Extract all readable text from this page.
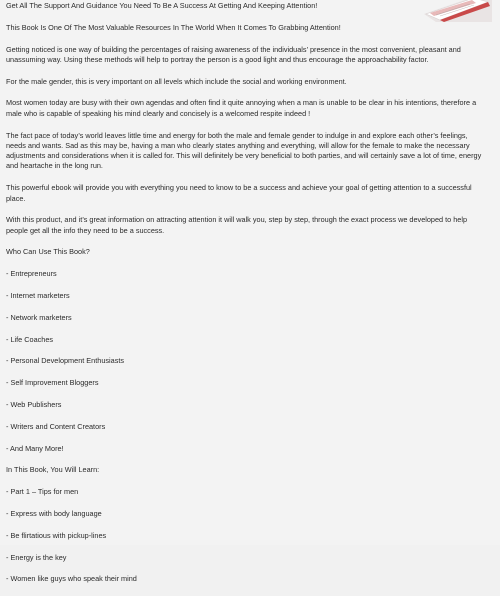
Get All The Support And Guidance You Need To Be A Success At Getting And Keeping Attention!

This Book Is One Of The Most Valuable Resources In The World When It Comes To Grabbing Attention!

Getting noticed is one way of building the percentages of raising awareness of the individuals’ presence in the most convenient, pleasant and unassuming way. Using these methods will help to portray the person is a good light and thus encourage the approachability factor.

For the male gender, this is very important on all levels which include the social and working environment.

Most women today are busy with their own agendas and often find it quite annoying when a man is unable to be clear in his intentions, therefore a male who is capable of speaking his mind clearly and concisely is a welcomed respite indeed !

The fact pace of today’s world leaves little time and energy for both the male and female gender to indulge in and explore each other’s feelings, needs and wants. Sad as this may be, having a man who clearly states anything and everything, will allow for the female to make the necessary adjustments and considerations when it is called for. This will definitely be very beneficial to both parties, and will certainly save a lot of time, energy and heartache in the long run.

This powerful ebook will provide you with everything you need to know to be a success and achieve your goal of getting attention to a successful place.

With this product, and it’s great information on attracting attention it will walk you, step by step, through the exact process we developed to help people get all the info they need to be a success.

Who Can Use This Book?

- Entrepreneurs

- Internet marketers

- Network marketers

- Life Coaches

- Personal Development Enthusiasts

- Self Improvement Bloggers

- Web Publishers

- Writers and Content Creators

- And Many More!

In This Book, You Will Learn:

- Part 1 – Tips for men

- Express with body language

- Be flirtatious with pickup-lines

- Energy is the key

- Women like guys who speak their mind
